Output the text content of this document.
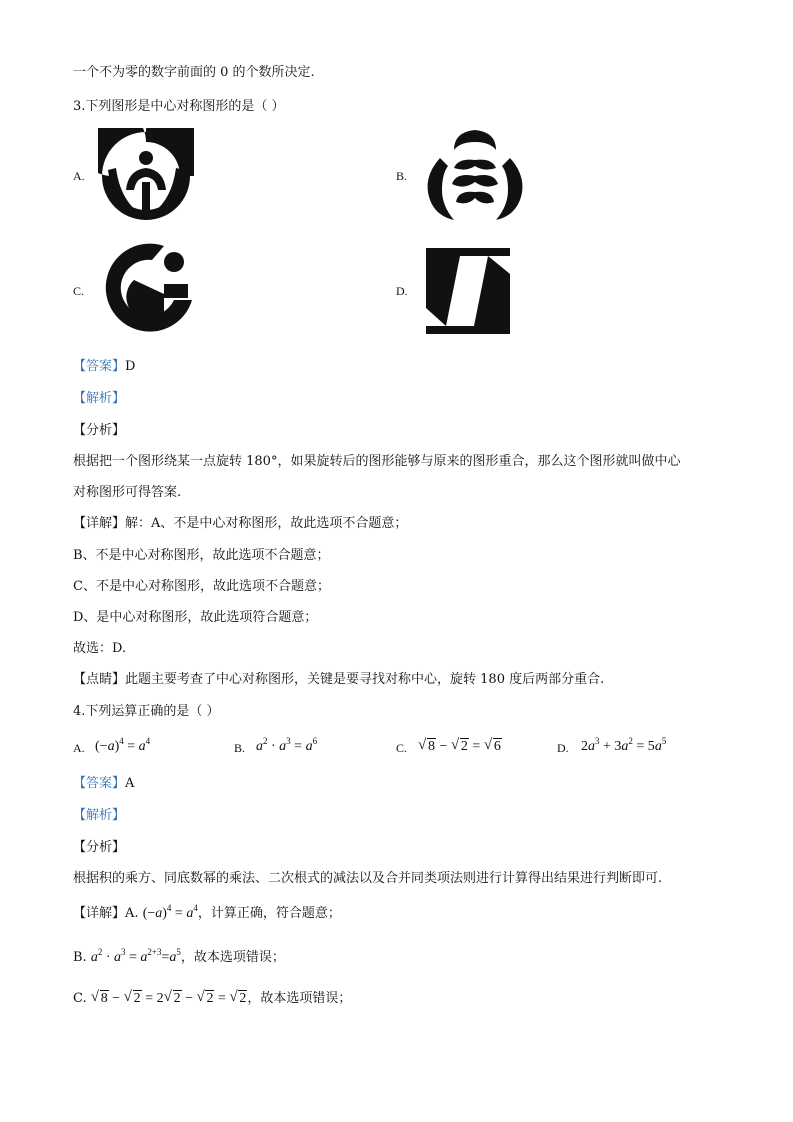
一个不为零的数字前面的 0 的个数所决定.
3.下列图形是中心对称图形的是（ ）
A.	B.
C.	D.
【答案】D
【解析】
【分析】
根据把一个图形绕某一点旋转 180°，如果旋转后的图形能够与原来的图形重合，那么这个图形就叫做中心
对称图形可得答案.
【详解】解：A、不是中心对称图形，故此选项不合题意；
B、不是中心对称图形，故此选项不合题意；
C、不是中心对称图形，故此选项不合题意；
D、是中心对称图形，故此选项符合题意；
故选：D.
【点睛】此题主要考查了中心对称图形，关键是要寻找对称中心，旋转 180 度后两部分重合.
4.下列运算正确的是（ ）
A. $(-a)^4 = a^4$	B. $a^2 \cdot a^3 = a^6$	C.	√ 8 − √ 2 = √ 6	D. $2a^3 + 3a^2 = 5a^5$
【答案】A
【解析】
【分析】
根据积的乘方、同底数幂的乘法、二次根式的减法以及合并同类项法则进行计算得出结果进行判断即可.
【详解】A. $(-a)^4 = a^4$，计算正确，符合题意；
B. $a^2 \cdot a^3 = a^{2+3}=a^5$，故本选项错误；
C. √ 8 − √ 2 = 2 √ 2 − √ 2 = √ 2，故本选项错误；
